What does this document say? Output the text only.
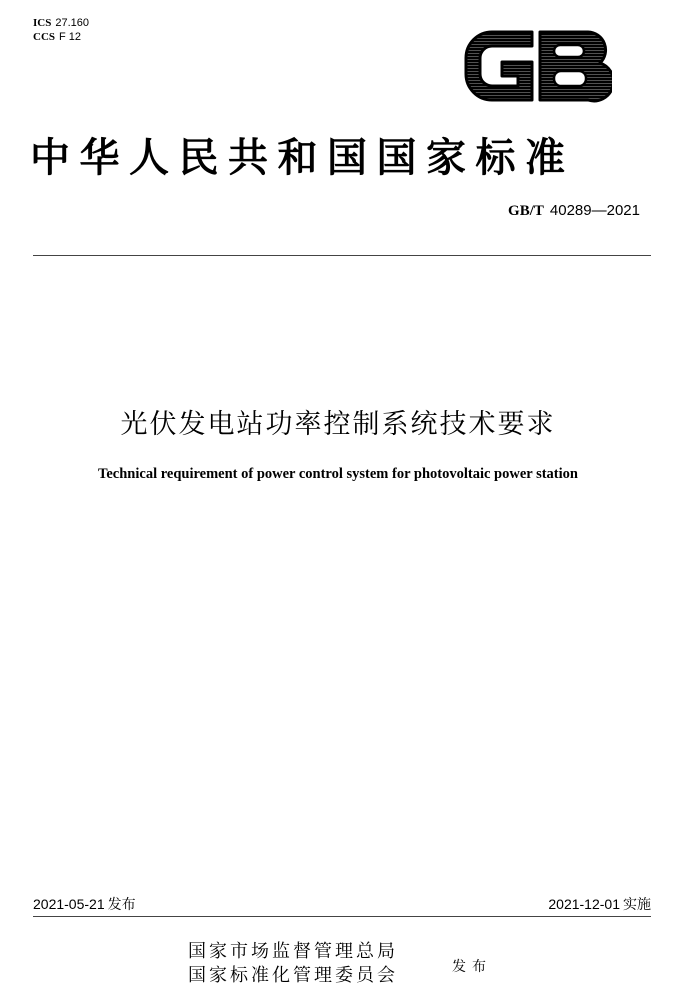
ICS 27.160
CCS F 12
中华人民共和国国家标准
GB/T 40289—2021
光伏发电站功率控制系统技术要求
Technical requirement of power control system for photovoltaic power station
2021-05-21 发布	2021-12-01 实施
国家市场监督管理总局
国家标准化管理委员会	发布
